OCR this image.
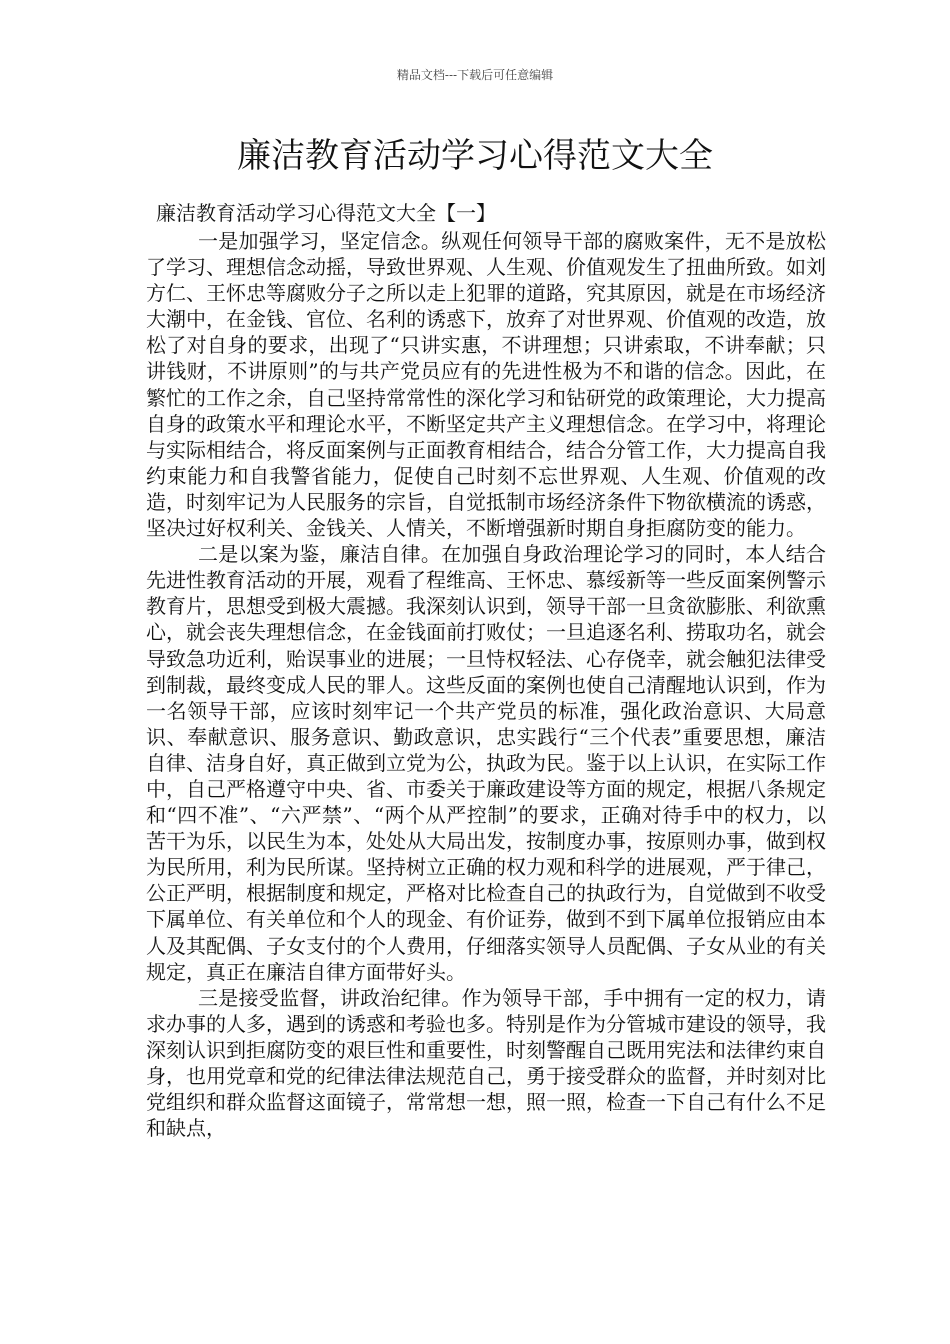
精品文档---下载后可任意编辑
廉洁教育活动学习心得范文大全

廉洁教育活动学习心得范文大全【一】

一是加强学习，坚定信念。纵观任何领导干部的腐败案件，无不是放松了学习、理想信念动摇，导致世界观、人生观、价值观发生了扭曲所致。如刘方仁、王怀忠等腐败分子之所以走上犯罪的道路，究其原因，就是在市场经济大潮中，在金钱、官位、名利的诱惑下，放弃了对世界观、价值观的改造，放松了对自身的要求，出现了“只讲实惠，不讲理想；只讲索取，不讲奉献；只讲钱财，不讲原则”的与共产党员应有的先进性极为不和谐的信念。因此，在繁忙的工作之余，自己坚持常常性的深化学习和钻研党的政策理论，大力提高自身的政策水平和理论水平，不断坚定共产主义理想信念。在学习中，将理论与实际相结合，将反面案例与正面教育相结合，结合分管工作，大力提高自我约束能力和自我警省能力，促使自己时刻不忘世界观、人生观、价值观的改造，时刻牢记为人民服务的宗旨，自觉抵制市场经济条件下物欲横流的诱惑，坚决过好权利关、金钱关、人情关，不断增强新时期自身拒腐防变的能力。

二是以案为鉴，廉洁自律。在加强自身政治理论学习的同时，本人结合先进性教育活动的开展，观看了程维高、王怀忠、慕绥新等一些反面案例警示教育片，思想受到极大震撼。我深刻认识到，领导干部一旦贪欲膨胀、利欲熏心，就会丧失理想信念，在金钱面前打败仗；一旦追逐名利、捞取功名，就会导致急功近利，贻误事业的进展；一旦恃权轻法、心存侥幸，就会触犯法律受到制裁，最终变成人民的罪人。这些反面的案例也使自己清醒地认识到，作为一名领导干部，应该时刻牢记一个共产党员的标准，强化政治意识、大局意识、奉献意识、服务意识、勤政意识，忠实践行“三个代表”重要思想，廉洁自律、洁身自好，真正做到立党为公，执政为民。鉴于以上认识，在实际工作中，自己严格遵守中央、省、市委关于廉政建设等方面的规定，根据八条规定和“四不准”、“六严禁”、“两个从严控制”的要求，正确对待手中的权力，以苦干为乐，以民生为本，处处从大局出发，按制度办事，按原则办事，做到权为民所用，利为民所谋。坚持树立正确的权力观和科学的进展观，严于律己，公正严明，根据制度和规定，严格对比检查自己的执政行为，自觉做到不收受下属单位、有关单位和个人的现金、有价证券，做到不到下属单位报销应由本人及其配偶、子女支付的个人费用，仔细落实领导人员配偶、子女从业的有关规定，真正在廉洁自律方面带好头。

三是接受监督，讲政治纪律。作为领导干部，手中拥有一定的权力，请求办事的人多，遇到的诱惑和考验也多。特别是作为分管城市建设的领导，我深刻认识到拒腐防变的艰巨性和重要性，时刻警醒自己既用宪法和法律约束自身，也用党章和党的纪律法律法规范自己，勇于接受群众的监督，并时刻对比党组织和群众监督这面镜子，常常想一想，照一照，检查一下自己有什么不足和缺点，
